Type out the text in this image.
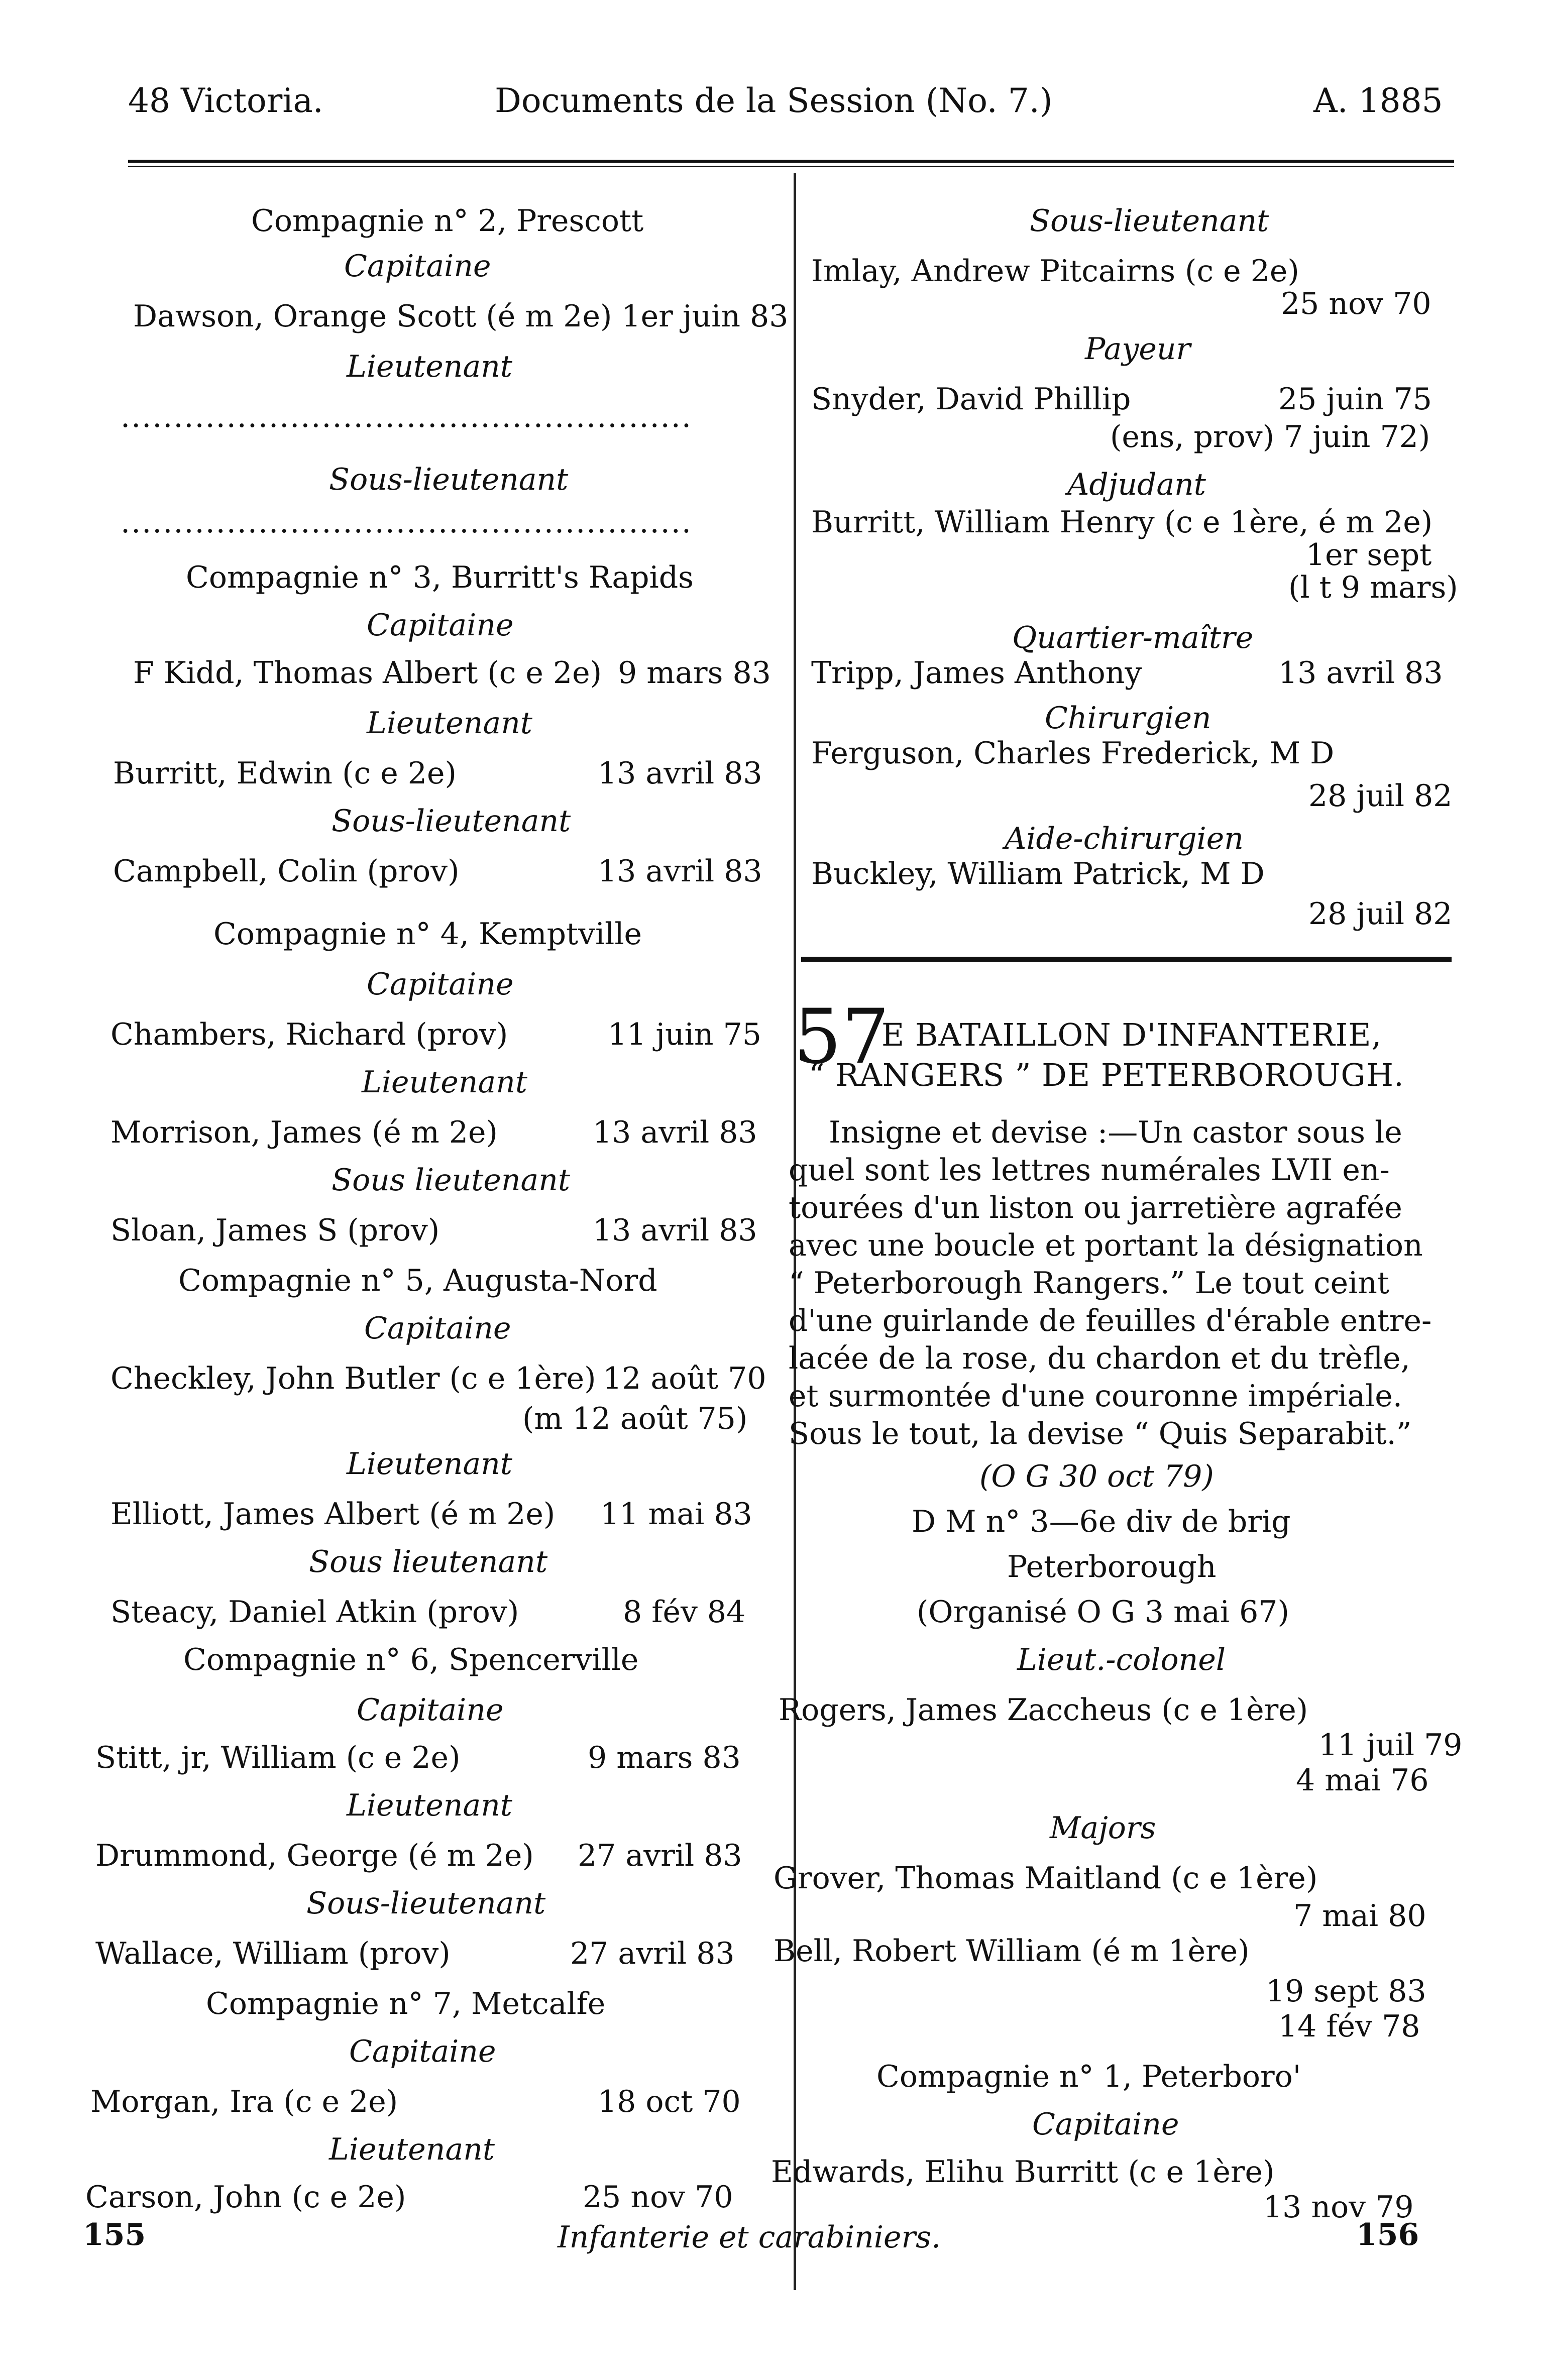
48 Victoria.	Documents de la Session (No. 7.)	A. 1885
Compagnie n° 2, Prescott
Capitaine
Dawson, Orange Scott (é m 2e) 1er juin 83
Lieutenant
......................................................
Sous-lieutenant
......................................................
Compagnie n° 3, Burritt's Rapids
Capitaine
F Kidd, Thomas Albert (c e 2e) 9 mars 83
Lieutenant
Burritt, Edwin (c e 2e)	13 avril 83
Sous-lieutenant
Campbell, Colin (prov)	13 avril 83
Compagnie n° 4, Kemptville
Capitaine
Chambers, Richard (prov)	11 juin 75
Lieutenant
Morrison, James (é m 2e)	13 avril 83
Sous lieutenant
Sloan, James S (prov)	13 avril 83
Compagnie n° 5, Augusta-Nord
Capitaine
Checkley, John Butler (c e 1ère) 12 août 70
(m 12 août 75)
Lieutenant
Elliott, James Albert (é m 2e) 11 mai 83
Sous lieutenant
Steacy, Daniel Atkin (prov)	8 fév 84
Compagnie n° 6, Spencerville
Capitaine
Stitt, jr, William (c e 2e)	9 mars 83
Lieutenant
Drummond, George (é m 2e) 27 avril 83
Sous-lieutenant
Wallace, William (prov)	27 avril 83
Compagnie n° 7, Metcalfe
Capitaine
Morgan, Ira (c e 2e)	18 oct 70
Lieutenant
Carson, John (c e 2e)	25 nov 70
Sous-lieutenant
Imlay, Andrew Pitcairns (c e 2e)
25 nov 70
Payeur
Snyder, David Phillip	25 juin 75
(ens, prov) 7 juin 72)
Adjudant
Burritt, William Henry (c e 1ère, é m 2e)
1er sept
(l t 9 mars)
Quartier-maître
Tripp, James Anthony	13 avril 83
Chirurgien
Ferguson, Charles Frederick, M D
28 juil 82
Aide-chirurgien
Buckley, William Patrick, M D
28 juil 82
57
E BATAILLON D'INFANTERIE,
“ RANGERS ” DE PETERBOROUGH.
Insigne et devise :—Un castor sous le
quel sont les lettres numérales LVII en-
tourées d'un liston ou jarretière agrafée
avec une boucle et portant la désignation
“ Peterborough Rangers.” Le tout ceint
d'une guirlande de feuilles d'érable entre-
lacée de la rose, du chardon et du trèfle,
et surmontée d'une couronne impériale.
Sous le tout, la devise “ Quis Separabit.”
(O G 30 oct 79)
D M n° 3—6e div de brig
Peterborough
(Organisé O G 3 mai 67)
Lieut.-colonel
Rogers, James Zaccheus (c e 1ère)
11 juil 79
4 mai 76
Majors
Grover, Thomas Maitland (c e 1ère)
7 mai 80
Bell, Robert William (é m 1ère)
19 sept 83
14 fév 78
Compagnie n° 1, Peterboro'
Capitaine
Edwards, Elihu Burritt (c e 1ère)
13 nov 79
155	Infanterie et carabiniers.	156
